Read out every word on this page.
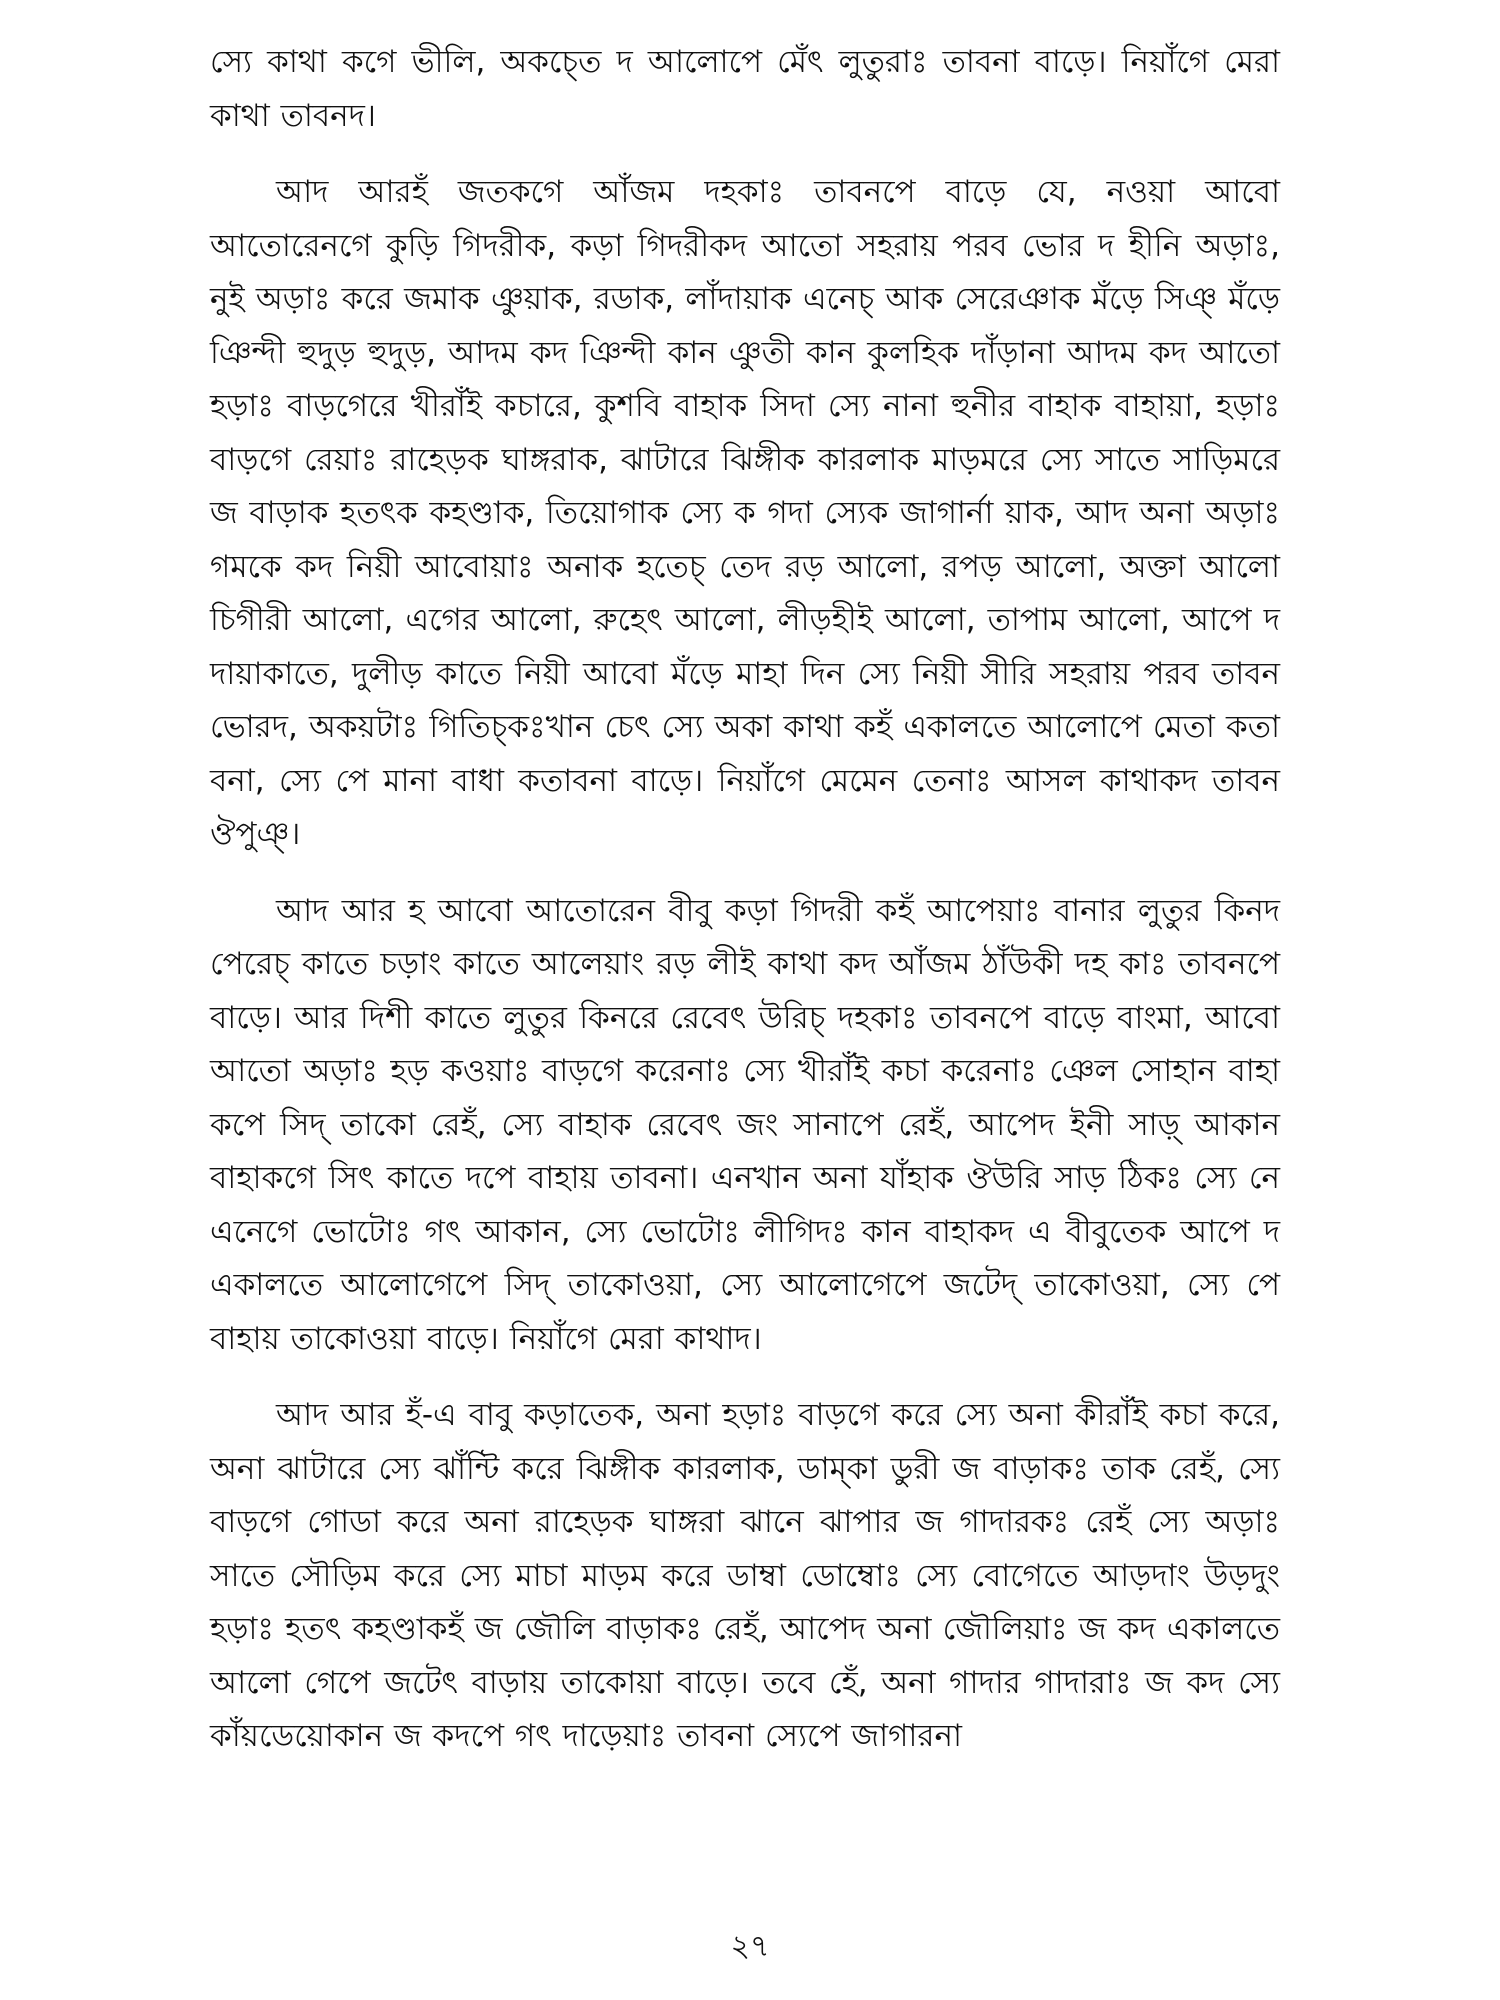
স্যে কাথা কগে ভীলি, অকচ্তে দ আলোপে মেঁৎ লুতুরাঃ তাবনা বাড়ে। নিয়াঁগে মেরা কাথা তাবনদ।

আদ আরহঁ জতকগে আঁজম দহকাঃ তাবনপে বাড়ে যে, নওয়া আবো আতোরেনগে কুড়ি গিদরীক, কড়া গিদরীকদ আতো সহরায় পরব ভোর দ হীনি অড়াঃ, নুই অড়াঃ করে জমাক ঞুয়াক, রডাক, লাঁদায়াক এনেচ্ আক সেরেঞাক মঁড়ে সিঞ্ মঁড়ে ঞিন্দী হুদুড় হুদুড়, আদম কদ ঞিন্দী কান ঞুতী কান কুলহিক দাঁড়ানা আদম কদ আতো হড়াঃ বাড়গেরে খীরাঁই কচারে, কুশবি বাহাক সিদা স্যে নানা হুনীর বাহাক বাহায়া, হড়াঃ বাড়গে রেয়াঃ রাহেড়ক ঘাঙ্গরাক, ঝাটারে ঝিঙ্গীক কারলাক মাড়মরে স্যে সাতে সাড়িমরে জ বাড়াক হতৎক কহণ্ডাক, তিয়োগাক স্যে ক গদা স্যেক জাগার্না য়াক, আদ অনা অড়াঃ গমকে কদ নিয়ী আবোয়াঃ অনাক হতেচ্ তেদ রড় আলো, রপড় আলো, অক্তা আলো চিগীরী আলো, এগের আলো, রুহেৎ আলো, লীড়হীই আলো, তাপাম আলো, আপে দ দায়াকাতে, দুলীড় কাতে নিয়ী আবো মঁড়ে মাহা দিন স্যে নিয়ী সীরি সহরায় পরব তাবন ভোরদ, অকয়টাঃ গিতিচ্কঃখান চেৎ স্যে অকা কাথা কহঁ একালতে আলোপে মেতা কতা বনা, স্যে পে মানা বাধা কতাবনা বাড়ে। নিয়াঁগে মেমেন তেনাঃ আসল কাথাকদ তাবন ঔপুঞ্।

আদ আর হ আবো আতোরেন বীবু কড়া গিদরী কহঁ আপেয়াঃ বানার লুতুর কিনদ পেরেচ্ কাতে চড়াং কাতে আলেয়াং রড় লীই কাথা কদ আঁজম ঠাঁউকী দহ কাঃ তাবনপে বাড়ে। আর দিশী কাতে লুতুর কিনরে রেবেৎ উরিচ্ দহকাঃ তাবনপে বাড়ে বাংমা, আবো আতো অড়াঃ হড় কওয়াঃ বাড়গে করেনাঃ স্যে খীরাঁই কচা করেনাঃ ঞেল সোহান বাহা কপে সিদ্ তাকো রেহঁ, স্যে বাহাক রেবেৎ জং সানাপে রেহঁ, আপেদ ইনী সাড়্ আকান বাহাকগে সিৎ কাতে দপে বাহায় তাবনা। এনখান অনা যাঁহাক ঔউরি সাড় ঠিকঃ স্যে নে এনেগে ভোটোঃ গৎ আকান, স্যে ভোটোঃ লীগিদঃ কান বাহাকদ এ বীবুতেক আপে দ একালতে আলোগেপে সিদ্ তাকোওয়া, স্যে আলোগেপে জটেদ্ তাকোওয়া, স্যে পে বাহায় তাকোওয়া বাড়ে। নিয়াঁগে মেরা কাথাদ।

আদ আর হঁ-এ বাবু কড়াতেক, অনা হড়াঃ বাড়গে করে স্যে অনা কীরাঁই কচা করে, অনা ঝাটারে স্যে ঝাঁন্টি করে ঝিঙ্গীক কারলাক, ডাম্কা ডুরী জ বাড়াকঃ তাক রেহঁ, স্যে বাড়গে গোডা করে অনা রাহেড়ক ঘাঙ্গরা ঝানে ঝাপার জ গাদারকঃ রেহঁ স্যে অড়াঃ সাতে সৌড়িম করে স্যে মাচা মাড়ম করে ডাম্বা ডোম্বোঃ স্যে বোগেতে আড়দাং উড়দুং হড়াঃ হতৎ কহণ্ডাকহঁ জ জৌলি বাড়াকঃ রেহঁ, আপেদ অনা জৌলিয়াঃ জ কদ একালতে আলো গেপে জটেৎ বাড়ায় তাকোয়া বাড়ে। তবে হেঁ, অনা গাদার গাদারাঃ জ কদ স্যে কাঁয়ডেয়োকান জ কদপে গৎ দাড়েয়াঃ তাবনা স্যেপে জাগারনা

২৭
